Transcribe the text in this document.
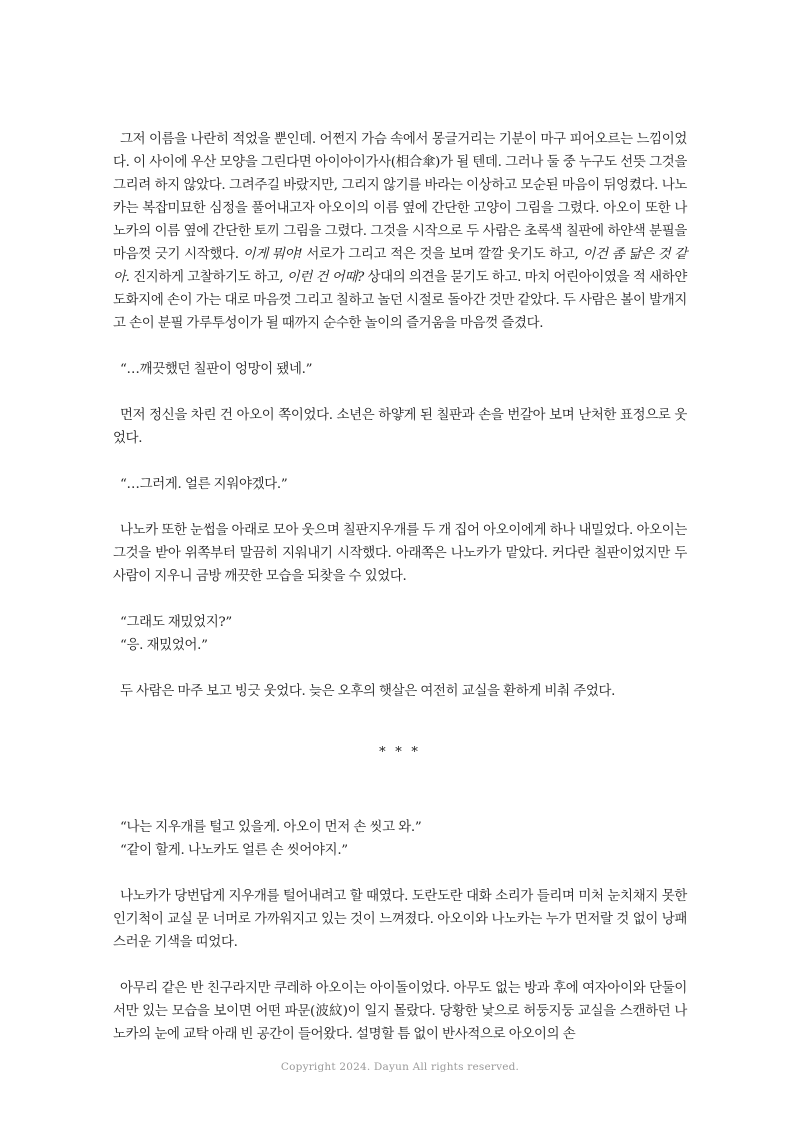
그저 이름을 나란히 적었을 뿐인데. 어쩐지 가슴 속에서 몽글거리는 기분이 마구 피어오르는 느낌이었다. 이 사이에 우산 모양을 그린다면 아이아이가사(相合傘)가 될 텐데. 그러나 둘 중 누구도 선뜻 그것을 그리려 하지 않았다. 그려주길 바랐지만, 그리지 않기를 바라는 이상하고 모순된 마음이 뒤엉켰다. 나노카는 복잡미묘한 심정을 풀어내고자 아오이의 이름 옆에 간단한 고양이 그림을 그렸다. 아오이 또한 나노카의 이름 옆에 간단한 토끼 그림을 그렸다. 그것을 시작으로 두 사람은 초록색 칠판에 하얀색 분필을 마음껏 긋기 시작했다. 이게 뭐야! 서로가 그리고 적은 것을 보며 깔깔 웃기도 하고, 이건 좀 닮은 것 같아. 진지하게 고찰하기도 하고, 이런 건 어때? 상대의 의견을 묻기도 하고. 마치 어린아이였을 적 새하얀 도화지에 손이 가는 대로 마음껏 그리고 칠하고 놀던 시절로 돌아간 것만 같았다. 두 사람은 볼이 발개지고 손이 분필 가루투성이가 될 때까지 순수한 놀이의 즐거움을 마음껏 즐겼다.

“…깨끗했던 칠판이 엉망이 됐네.”

먼저 정신을 차린 건 아오이 쪽이었다. 소년은 하얗게 된 칠판과 손을 번갈아 보며 난처한 표정으로 웃었다.

“…그러게. 얼른 지워야겠다.”

나노카 또한 눈썹을 아래로 모아 웃으며 칠판지우개를 두 개 집어 아오이에게 하나 내밀었다. 아오이는 그것을 받아 위쪽부터 말끔히 지워내기 시작했다. 아래쪽은 나노카가 맡았다. 커다란 칠판이었지만 두 사람이 지우니 금방 깨끗한 모습을 되찾을 수 있었다.

“그래도 재밌었지?”

“응. 재밌었어.”

두 사람은 마주 보고 빙긋 웃었다. 늦은 오후의 햇살은 여전히 교실을 환하게 비춰 주었다.

* * *

“나는 지우개를 털고 있을게. 아오이 먼저 손 씻고 와.”

“같이 할게. 나노카도 얼른 손 씻어야지.”

나노카가 당번답게 지우개를 털어내려고 할 때였다. 도란도란 대화 소리가 들리며 미처 눈치채지 못한 인기척이 교실 문 너머로 가까워지고 있는 것이 느껴졌다. 아오이와 나노카는 누가 먼저랄 것 없이 낭패스러운 기색을 띠었다.

아무리 같은 반 친구라지만 쿠레하 아오이는 아이돌이었다. 아무도 없는 방과 후에 여자아이와 단둘이서만 있는 모습을 보이면 어떤 파문(波紋)이 일지 몰랐다. 당황한 낯으로 허둥지둥 교실을 스캔하던 나노카의 눈에 교탁 아래 빈 공간이 들어왔다. 설명할 틈 없이 반사적으로 아오이의 손

Copyright 2024. Dayun All rights reserved.
